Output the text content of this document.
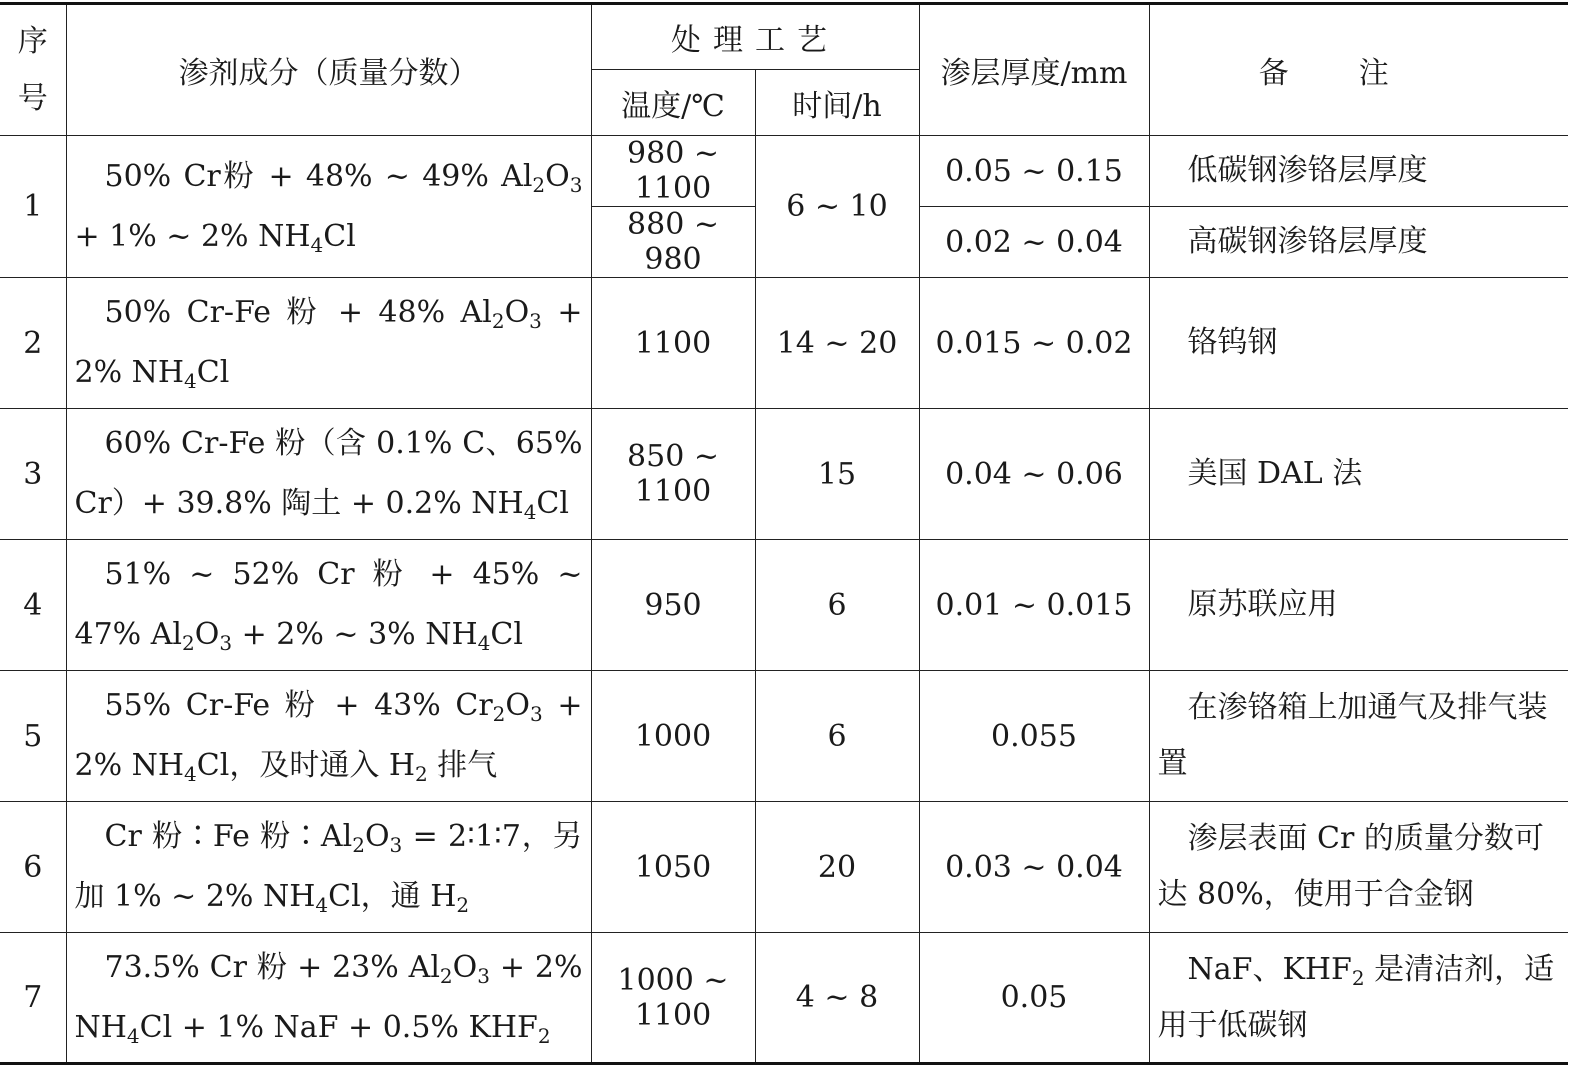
序号	渗剂成分（质量分数）	处理工艺		渗层厚度/mm	备注
		温度/℃	时间/h		
1	50% Cr粉 + 48% ~ 49% $Al_2O_3 + 1\%$ ~ 2% $NH_4Cl$	980 ~ 1100	6 ~ 10	0.05 ~ 0.15	低碳钢渗铬层厚度
		880 ~ 980		0.02 ~ 0.04	高碳钢渗铬层厚度
2	50% Cr-Fe 粉 + 48% $Al_2O_3 + 2\%$ $NH_4Cl$	1100	14 ~ 20	0.015 ~ 0.02	铬钨钢
3	60% Cr-Fe 粉（含 0.1% C、65% Cr）+ 39.8% 陶土 + 0.2% $NH_4Cl$	850 ~ 1100	15	0.04 ~ 0.06	美国 DAL 法
4	51% ~ 52% Cr 粉 + 45% ~ 47% $Al_2O_3 + 2\%$ ~ 3% $NH_4Cl$	950	6	0.01 ~ 0.015	原苏联应用
5	55% Cr-Fe 粉 + 43% $Cr_2O_3 + 2\%$ $NH_4Cl$，及时通入 $H_2$ 排气	1000	6	0.055	在渗铬箱上加通气及排气装置
6	Cr 粉∶Fe 粉$∶Al_2O_3$ = 2∶1∶7，另加 1% ~ 2% $NH_4Cl$，通 $H_2$	1050	20	0.03 ~ 0.04	渗层表面 Cr 的质量分数可达 80%，使用于合金钢
7	73.5% Cr 粉 + 23% $Al_2O_3 + 2\%$ $NH_4Cl + 1\%$ NaF + 0.5% $KHF_2$	1000 ~ 1100	4 ~ 8	0.05	NaF、$KHF_2$ 是清洁剂，适用于低碳钢
